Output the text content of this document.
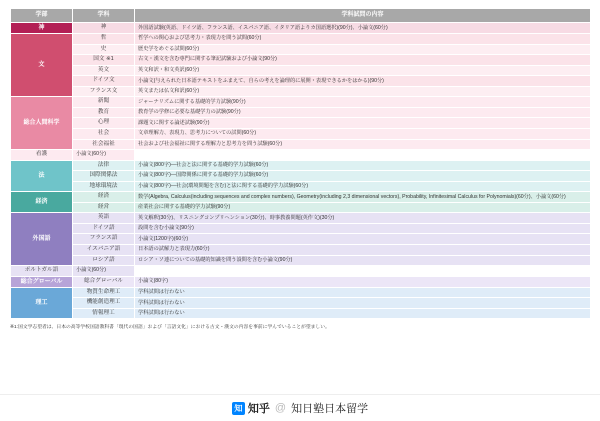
学部	学科	学科試問の内容
神	神	外国語試験(英語、ドイツ語、フランス語、イスパニア語、イタリア語よりカ国語選択)(90分)、小論文(60分)
文	哲	哲学への関心および思考力・表現力を問う試問(60分)
	史	歴史学をめぐる試問(60分)
	国文 ※1	古文・漢文を含む専門に関する筆記試験および小論文(90分)
	英文	英文和訳・和文英訳(60分)
	ドイツ文	小論文(与えられた日本語テキストをふまえて、自らの考えを論理的に展開・表現できるかをはかる)(90分)
	フランス文	英文または仏文和訳(60分)
総合人間科学	新聞	ジャーナリズムに関する基礎的学力試験(90分)
	教育	教育学の学修に必要な基礎学力の試験(90分)
	心理	課題文に関する論述試験(90分)
	社会	文章理解力、表現力、思考力についての試問(60分)
	社会福祉	社会および社会福祉に関する理解力と思考力を問う試験(60分)
看護	小論文(60分)	
法	法律	小論文(800字)—社会と法に関する基礎的学力試験(60分)
	国際関係法	小論文(800字)—国際関係に関する基礎的学力試験(60分)
	地球環境法	小論文(800字)—社会(環境問題を含む)と法に関する基礎的学力試験(60分)
経済	経済	数学(Algebra, Calculus(including sequences and complex numbers), Geometry(including 2,3 dimensional vectors), Probability, Infinitesimal Calculus for Polynomials)(60分)、小論文(60分)
	経営	産業社会に関する基礎的学力試験(90分)
外国語	英語	英文解釈(30分)、リスニングコンプリヘンション(30分)、時事教養問題(英作文)(30分)
	ドイツ語	設問を含む小論文(90分)
	フランス語	小論文(1200字)(60分)
	イスパニア語	日本語の試解力と表現力(60分)
	ロシア語	ロシア・ソ連についての基礎的知識を問う設問を含む小論文(90分)
ポルトガル語	小論文(60分)	
総合グローバル	総合グローバル	小論文(80字)
理工	物質生命理工	学科試問は行わない
	機能創造理工	学科試問は行わない
	情報理工	学科試問は行わない
※1:国文学志望者は、日本の高等学校国語教科書「現代の国語」および「言語文化」における古文・漢文の内容を事前に学んでいることが望ましい。
知 知乎 @ 知日塾日本留学
